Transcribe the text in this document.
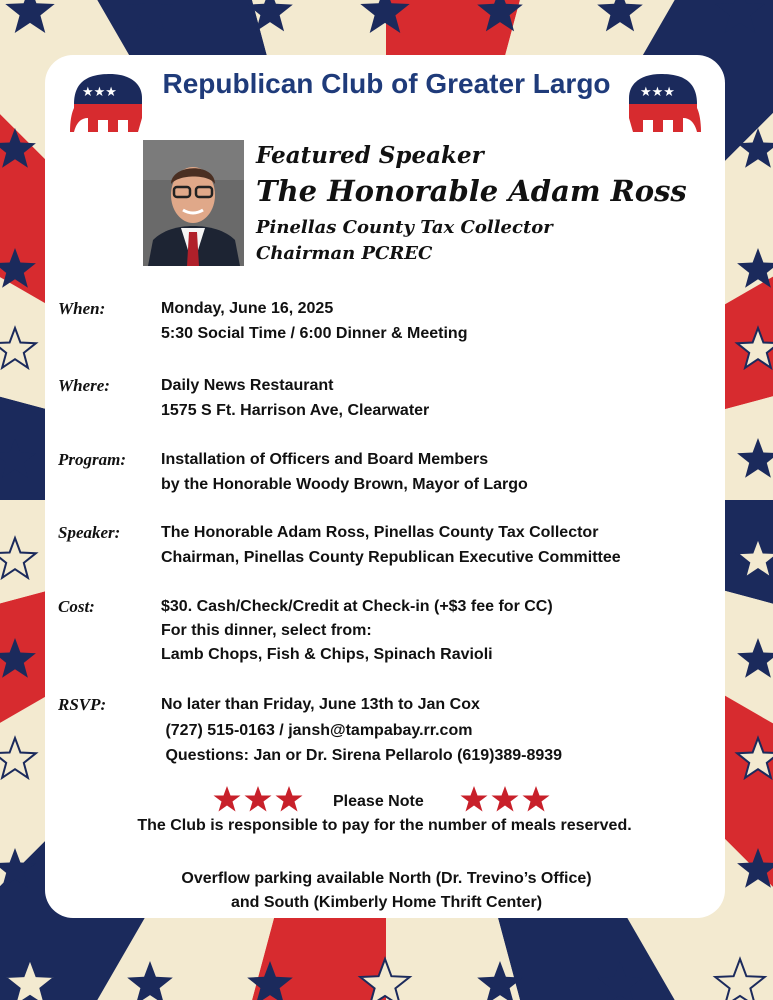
★★★	★★★
Republican Club of Greater Largo
Featured Speaker
The Honorable Adam Ross
Pinellas County Tax Collector
Chairman PCREC
When:	Monday, June 16, 2025
5:30 Social Time / 6:00 Dinner & Meeting
Where:	Daily News Restaurant
1575 S Ft. Harrison Ave, Clearwater
Program: Installation of Officers and Board Members
by the Honorable Woody Brown, Mayor of Largo
Speaker:	The Honorable Adam Ross, Pinellas County Tax Collector
Chairman, Pinellas County Republican Executive Committee
Cost:	$30. Cash/Check/Credit at Check-in (+$3 fee for CC)
For this dinner, select from:
Lamb Chops, Fish & Chips, Spinach Ravioli
RSVP:	No later than Friday, June 13th to Jan Cox
(727) 515-0163 / jansh@tampabay.rr.com
Questions: Jan or Dr. Sirena Pellarolo (619)389-8939
Please Note
The Club is responsible to pay for the number of meals reserved.
Overflow parking available North (Dr. Trevino’s Office)
and South (Kimberly Home Thrift Center)
